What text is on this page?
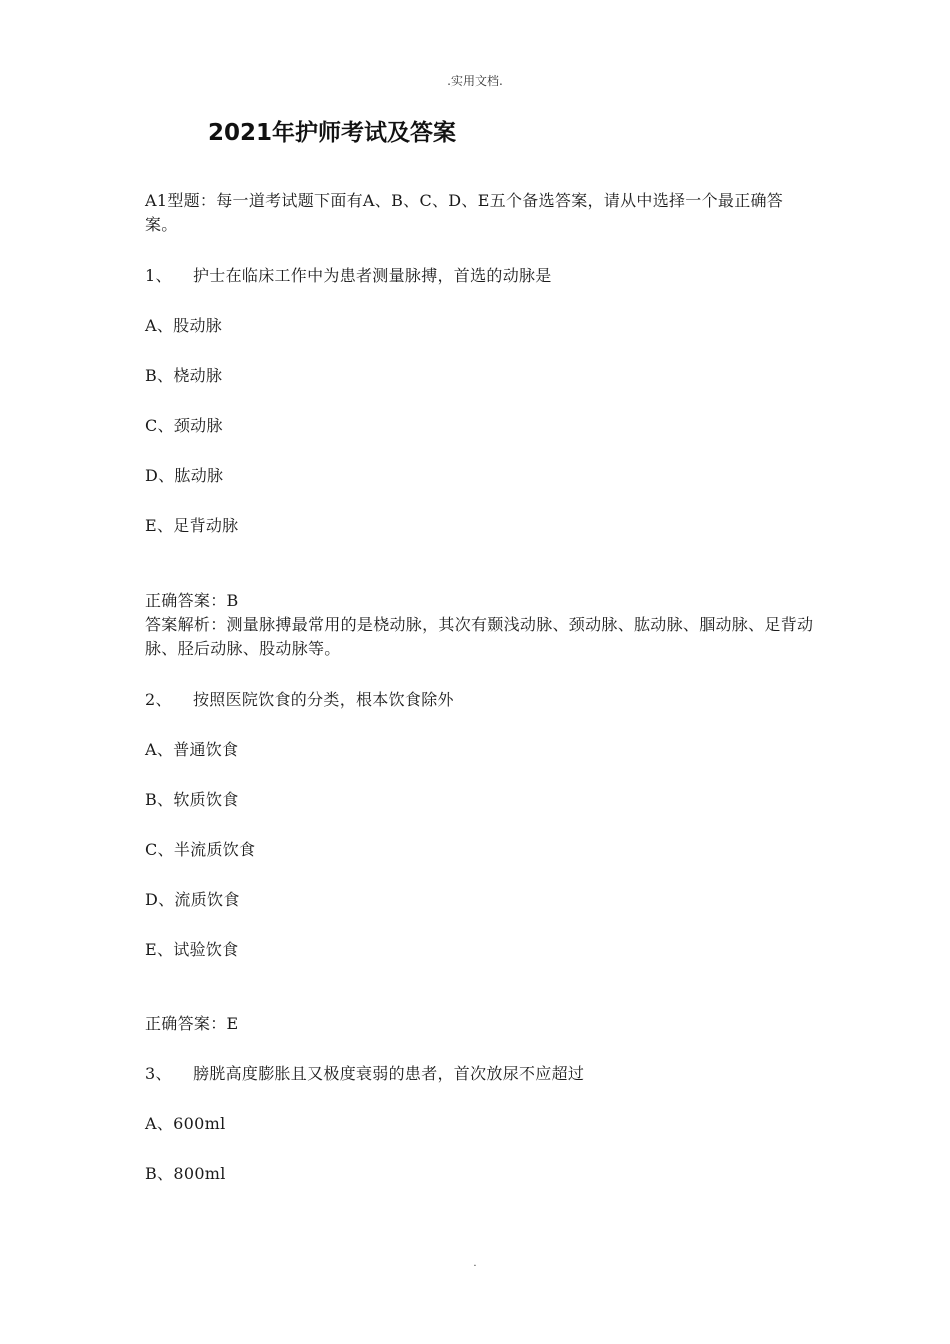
.实用文档.
2021年护师考试及答案
A1型题：每一道考试题下面有A、B、C、D、E五个备选答案，请从中选择一个最正确答案。
1、 护士在临床工作中为患者测量脉搏，首选的动脉是
A、股动脉
B、桡动脉
C、颈动脉
D、肱动脉
E、足背动脉
正确答案：B
答案解析：测量脉搏最常用的是桡动脉，其次有颞浅动脉、颈动脉、肱动脉、腘动脉、足背动脉、胫后动脉、股动脉等。
2、 按照医院饮食的分类，根本饮食除外
A、普通饮食
B、软质饮食
C、半流质饮食
D、流质饮食
E、试验饮食
正确答案：E
3、 膀胱高度膨胀且又极度衰弱的患者，首次放尿不应超过
A、600ml
B、800ml
.
